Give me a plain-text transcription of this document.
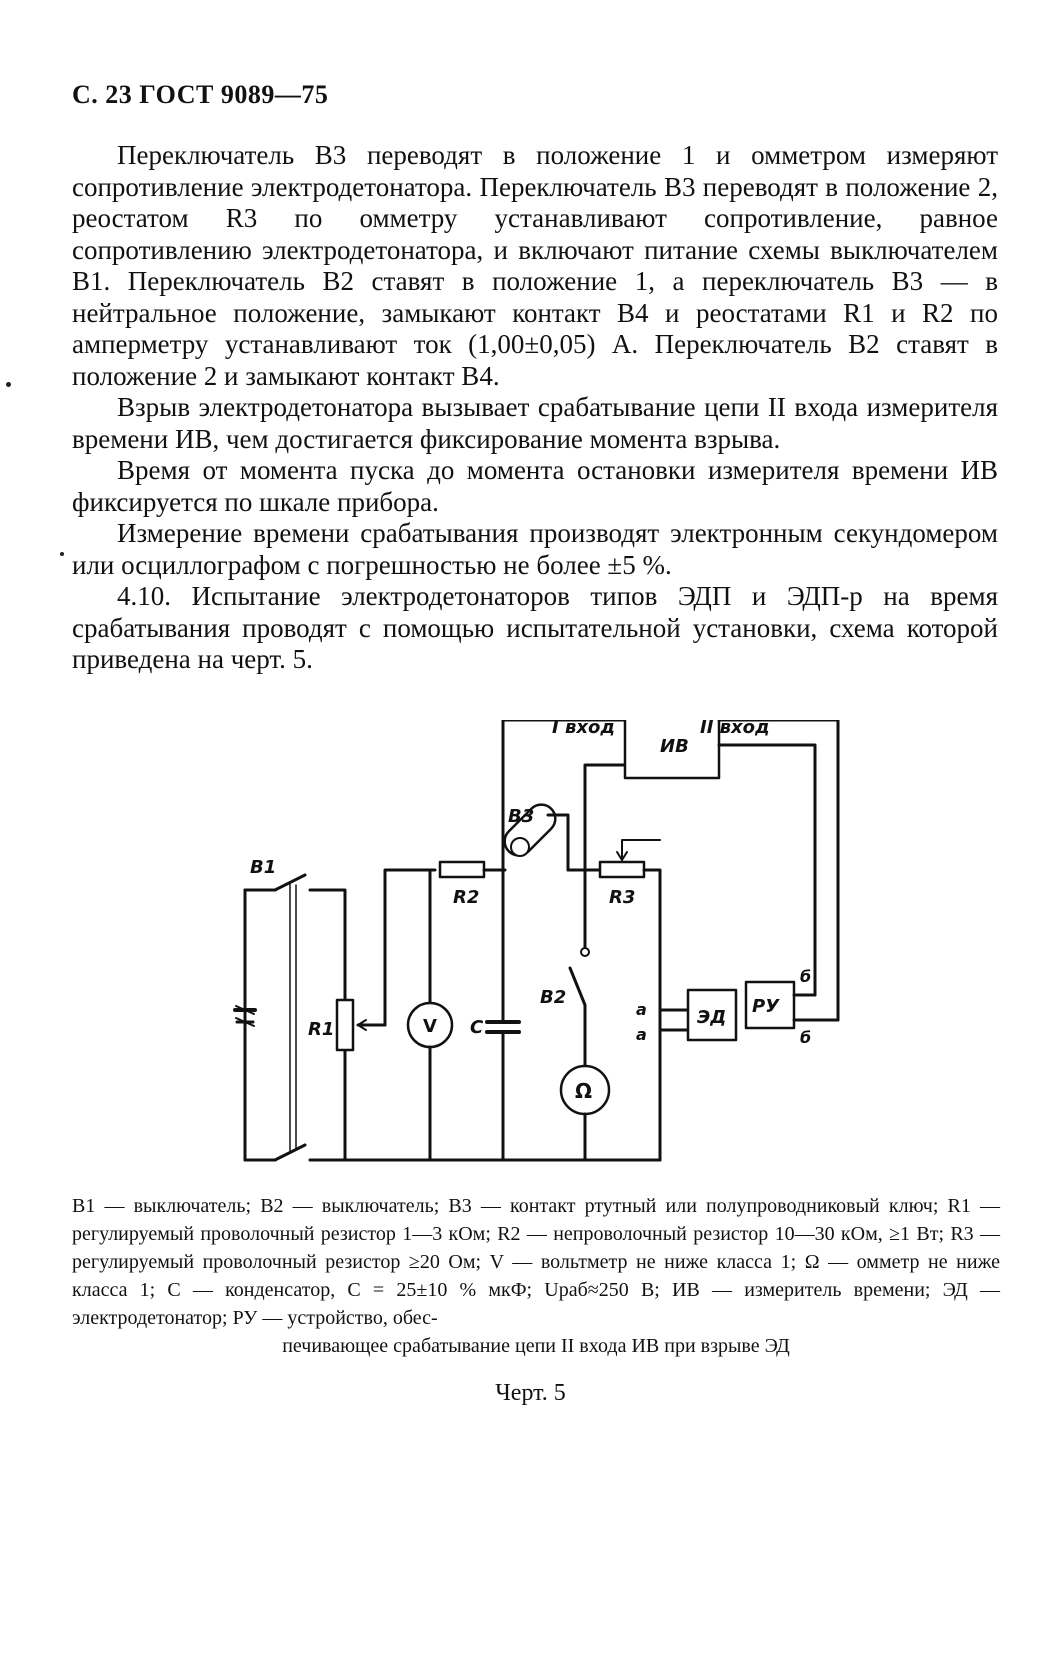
С. 23 ГОСТ 9089—75

Переключатель В3 переводят в положение 1 и омметром измеряют сопротивление электродетонатора. Переключатель В3 переводят в положение 2, реостатом R3 по омметру устанавливают сопротивление, равное сопротивлению электродетонатора, и включают питание схемы выключателем В1. Переключатель В2 ставят в положение 1, а переключатель В3 — в нейтральное положение, замыкают контакт В4 и реостатами R1 и R2 по амперметру устанавливают ток (1,00±0,05) А. Переключатель В2 ставят в положение 2 и замыкают контакт В4.

Взрыв электродетонатора вызывает срабатывание цепи II входа измерителя времени ИВ, чем достигается фиксирование момента взрыва.

Время от момента пуска до момента остановки измерителя времени ИВ фиксируется по шкале прибора.

Измерение времени срабатывания производят электронным секундомером или осциллографом с погрешностью не более ±5 %.

4.10. Испытание электродетонаторов типов ЭДП и ЭДП-р на время срабатывания проводят с помощью испытательной установки, схема которой приведена на черт. 5.

B1
R1
R2
B3
R3
B2
C
V
Ω
ИВ
I вход	II вход
ЭД
РУ
а
а
б
б
В1 — выключатель; В2 — выключатель; В3 — контакт ртутный или полупроводниковый ключ; R1 — регулируемый проволочный резистор 1—3 кОм; R2 — непроволочный резистор 10—30 кОм, ≥1 Вт; R3 — регулируемый проволочный резистор ≥20 Ом; V — вольтметр не ниже класса 1; Ω — омметр не ниже класса 1; С — конденсатор, С = 25±10 % мкФ; Uраб≈250 В; ИВ — измеритель времени; ЭД — электродетонатор; РУ — устройство, обес-
печивающее срабатывание цепи II входа ИВ при взрыве ЭД
Черт. 5
